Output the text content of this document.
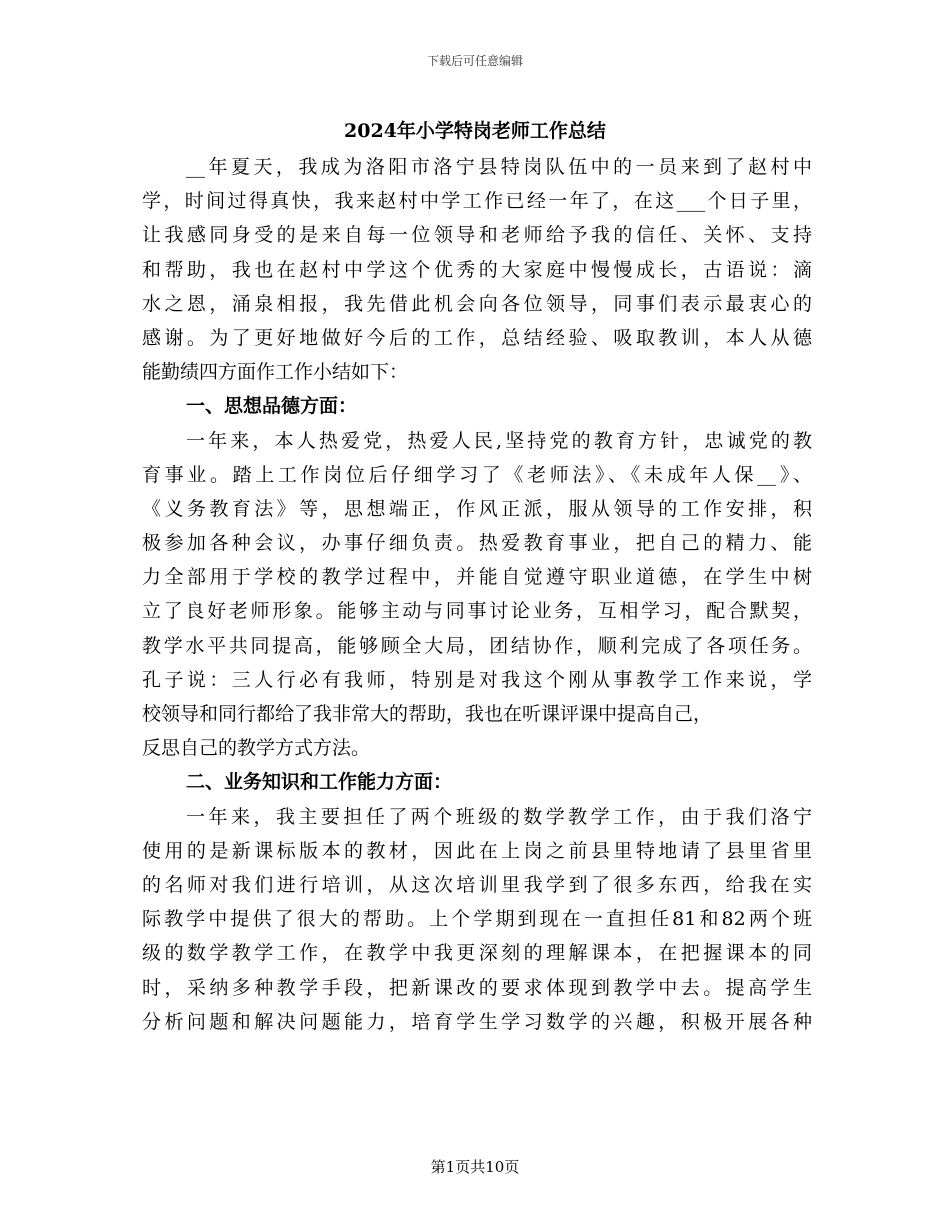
下载后可任意编辑
2024年小学特岗老师工作总结
__年夏天，我成为洛阳市洛宁县特岗队伍中的一员来到了赵村中
学，时间过得真快，我来赵村中学工作已经一年了，在这___个日子里，
让我感同身受的是来自每一位领导和老师给予我的信任、关怀、支持
和帮助，我也在赵村中学这个优秀的大家庭中慢慢成长，古语说：滴
水之恩，涌泉相报，我先借此机会向各位领导，同事们表示最衷心的
感谢。为了更好地做好今后的工作，总结经验、吸取教训，本人从德
能勤绩四方面作工作小结如下：
一、思想品德方面：
一年来，本人热爱党，热爱人民,坚持党的教育方针，忠诚党的教
育事业。踏上工作岗位后仔细学习了《老师法》、《未成年人保__》、
《义务教育法》等，思想端正，作风正派，服从领导的工作安排，积
极参加各种会议，办事仔细负责。热爱教育事业，把自己的精力、能
力全部用于学校的教学过程中，并能自觉遵守职业道德，在学生中树
立了良好老师形象。能够主动与同事讨论业务，互相学习，配合默契，
教学水平共同提高，能够顾全大局，团结协作，顺利完成了各项任务。
孔子说：三人行必有我师，特别是对我这个刚从事教学工作来说，学
校领导和同行都给了我非常大的帮助，我也在听课评课中提高自己，
反思自己的教学方式方法。
二、业务知识和工作能力方面：
一年来，我主要担任了两个班级的数学教学工作，由于我们洛宁
使用的是新课标版本的教材，因此在上岗之前县里特地请了县里省里
的名师对我们进行培训，从这次培训里我学到了很多东西，给我在实
际教学中提供了很大的帮助。上个学期到现在一直担任81和82两个班
级的数学教学工作，在教学中我更深刻的理解课本，在把握课本的同
时，采纳多种教学手段，把新课改的要求体现到教学中去。提高学生
分析问题和解决问题能力，培育学生学习数学的兴趣，积极开展各种
第1页共10页
